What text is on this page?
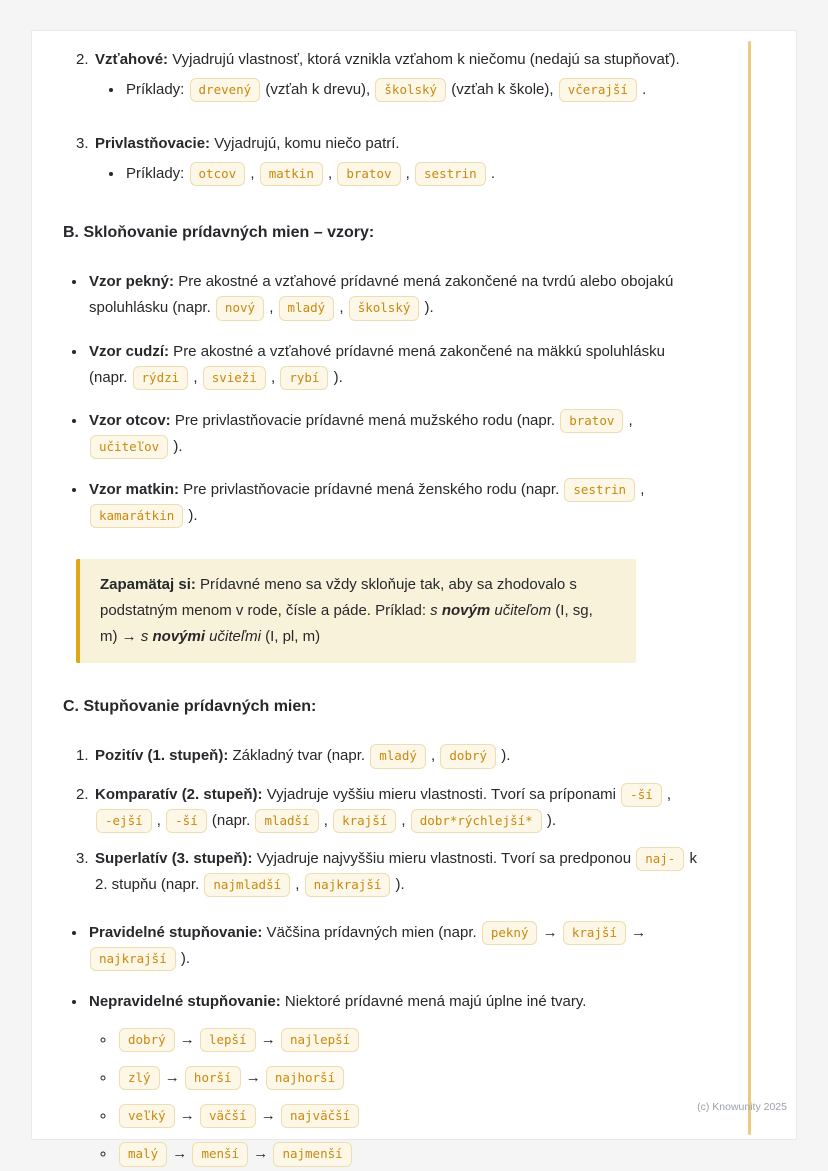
2. Vzťahové: Vyjadrujú vlastnosť, ktorá vznikla vzťahom k niečomu (nedajú sa stupňovať).

• Príklady: drevený (vzťah k drevu), školský (vzťah k škole), včerajší .

3. Privlastňovacie: Vyjadrujú, komu niečo patrí.

• Príklady: otcov , matkin , bratov , sestrin .

B. Skloňovanie prídavných mien – vzory:

• Vzor pekný: Pre akostné a vzťahové prídavné mená zakončené na tvrdú alebo obojakú spoluhlásku (napr. nový , mladý , školský ).

• Vzor cudzí: Pre akostné a vzťahové prídavné mená zakončené na mäkkú spoluhlásku (napr. rýdzi , svieži , rybí ).

• Vzor otcov: Pre privlastňovacie prídavné mená mužského rodu (napr. bratov , učiteľov ).

• Vzor matkin: Pre privlastňovacie prídavné mená ženského rodu (napr. sestrin , kamarátkin ).

Zapamätaj si: Prídavné meno sa vždy skloňuje tak, aby sa zhodovalo s podstatným menom v rode, čísle a páde. Príklad: s novým učiteľom (I, sg, m) → s novými učiteľmi (I, pl, m)

C. Stupňovanie prídavných mien:
1. Pozitív (1. stupeň): Základný tvar (napr. mladý , dobrý ).

2. Komparatív (2. stupeň): Vyjadruje vyššiu mieru vlastnosti. Tvorí sa príponami -ší , -ejší , -ší (napr. mladší , krajší , dobr*rýchlejší* ).

3. Superlatív (3. stupeň): Vyjadruje najvyššiu mieru vlastnosti. Tvorí sa predponou naj- k 2. stupňu (napr. najmladší , najkrajší ).

• Pravidelné stupňovanie: Väčšina prídavných mien (napr. pekný → krajší → najkrajší ).

• Nepravidelné stupňovanie: Niektoré prídavné mená majú úplne iné tvary.

◦ dobrý → lepší → najlepší

◦ zlý → horší → najhorší

◦ veľký → väčší → najväčší

◦ malý → menší → najmenší

(c) Knowunity 2025
